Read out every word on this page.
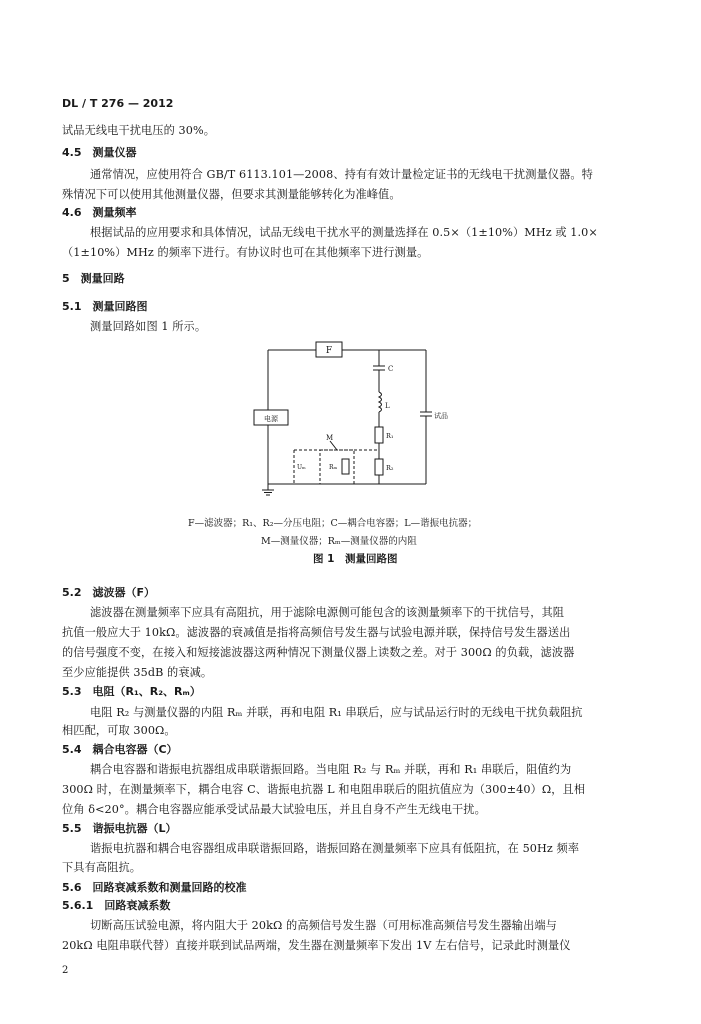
DL / T 276 — 2012
试品无线电干扰电压的 30%。
4.5　测量仪器
通常情况，应使用符合 GB/T 6113.101—2008、持有有效计量检定证书的无线电干扰测量仪器。特
殊情况下可以使用其他测量仪器，但要求其测量能够转化为准峰值。
4.6　测量频率
根据试品的应用要求和具体情况，试品无线电干扰水平的测量选择在 0.5×（1±10%）MHz 或 1.0×
（1±10%）MHz 的频率下进行。有协议时也可在其他频率下进行测量。
5　测量回路
5.1　测量回路图
测量回路如图 1 所示。
F
C
L
R₁
R₂
电源	试品
M
Rₘ
Uₘ
F—滤波器；R₁、R₂—分压电阻；C—耦合电容器；L—谐振电抗器；
M—测量仪器；Rₘ—测量仪器的内阻
图 1　测量回路图
5.2　滤波器（F）
滤波器在测量频率下应具有高阻抗，用于滤除电源侧可能包含的该测量频率下的干扰信号，其阻
抗值一般应大于 10kΩ。滤波器的衰减值是指将高频信号发生器与试验电源并联，保持信号发生器送出
的信号强度不变，在接入和短接滤波器这两种情况下测量仪器上读数之差。对于 300Ω 的负载，滤波器
至少应能提供 35dB 的衰减。
5.3　电阻（R₁、R₂、Rₘ）
电阻 R₂ 与测量仪器的内阻 Rₘ 并联，再和电阻 R₁ 串联后，应与试品运行时的无线电干扰负载阻抗
相匹配，可取 300Ω。
5.4　耦合电容器（C）
耦合电容器和谐振电抗器组成串联谐振回路。当电阻 R₂ 与 Rₘ 并联，再和 R₁ 串联后，阻值约为
300Ω 时，在测量频率下，耦合电容 C、谐振电抗器 L 和电阻串联后的阻抗值应为（300±40）Ω，且相
位角 δ<20°。耦合电容器应能承受试品最大试验电压，并且自身不产生无线电干扰。
5.5　谐振电抗器（L）
谐振电抗器和耦合电容器组成串联谐振回路，谐振回路在测量频率下应具有低阻抗，在 50Hz 频率
下具有高阻抗。
5.6　回路衰减系数和测量回路的校准
5.6.1　回路衰减系数
切断高压试验电源，将内阻大于 20kΩ 的高频信号发生器（可用标准高频信号发生器输出端与
20kΩ 电阻串联代替）直接并联到试品两端，发生器在测量频率下发出 1V 左右信号，记录此时测量仪
2
